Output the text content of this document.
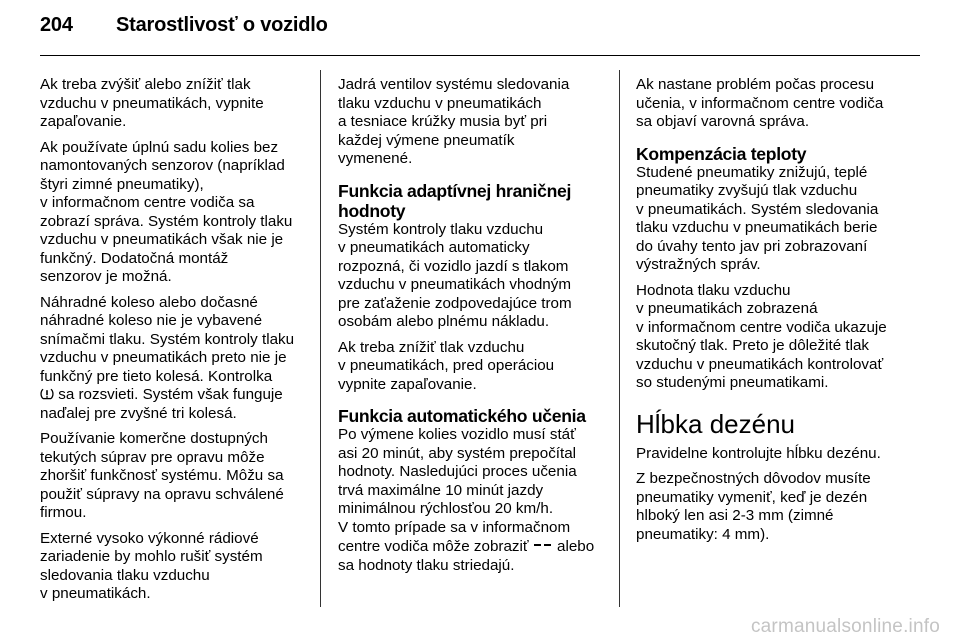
204	Starostlivosť o vozidlo

Ak treba zvýšiť alebo znížiť tlak
vzduchu v pneumatikách, vypnite
zapaľovanie.

Ak používate úplnú sadu kolies bez
namontovaných senzorov (napríklad
štyri zimné pneumatiky),
v informačnom centre vodiča sa
zobrazí správa. Systém kontroly tlaku
vzduchu v pneumatikách však nie je
funkčný. Dodatočná montáž
senzorov je možná.

Náhradné koleso alebo dočasné
náhradné koleso nie je vybavené
snímačmi tlaku. Systém kontroly tlaku
vzduchu v pneumatikách preto nie je
funkčný pre tieto kolesá. Kontrolka
sa rozsvieti. Systém však funguje
naďalej pre zvyšné tri kolesá.

Používanie komerčne dostupných
tekutých súprav pre opravu môže
zhoršiť funkčnosť systému. Môžu sa
použiť súpravy na opravu schválené
firmou.

Externé vysoko výkonné rádiové
zariadenie by mohlo rušiť systém
sledovania tlaku vzduchu
v pneumatikách.

Jadrá ventilov systému sledovania
tlaku vzduchu v pneumatikách
a tesniace krúžky musia byť pri
každej výmene pneumatík
vymenené.

Funkcia adaptívnej hraničnej
hodnoty

Systém kontroly tlaku vzduchu
v pneumatikách automaticky
rozpozná, či vozidlo jazdí s tlakom
vzduchu v pneumatikách vhodným
pre zaťaženie zodpovedajúce trom
osobám alebo plnému nákladu.

Ak treba znížiť tlak vzduchu
v pneumatikách, pred operáciou
vypnite zapaľovanie.

Funkcia automatického učenia

Po výmene kolies vozidlo musí stáť
asi 20 minút, aby systém prepočítal
hodnoty. Nasledujúci proces učenia
trvá maximálne 10 minút jazdy
minimálnou rýchlosťou 20 km/h.
V tomto prípade sa v informačnom
centre vodiča môže zobraziť  alebo
sa hodnoty tlaku striedajú.

Ak nastane problém počas procesu
učenia, v informačnom centre vodiča
sa objaví varovná správa.

Kompenzácia teploty

Studené pneumatiky znižujú, teplé
pneumatiky zvyšujú tlak vzduchu
v pneumatikách. Systém sledovania
tlaku vzduchu v pneumatikách berie
do úvahy tento jav pri zobrazovaní
výstražných správ.

Hodnota tlaku vzduchu
v pneumatikách zobrazená
v informačnom centre vodiča ukazuje
skutočný tlak. Preto je dôležité tlak
vzduchu v pneumatikách kontrolovať
so studenými pneumatikami.

Hĺbka dezénu

Pravidelne kontrolujte hĺbku dezénu.

Z bezpečnostných dôvodov musíte
pneumatiky vymeniť, keď je dezén
hlboký len asi 2-3 mm (zimné
pneumatiky: 4 mm).

carmanualsonline.info
